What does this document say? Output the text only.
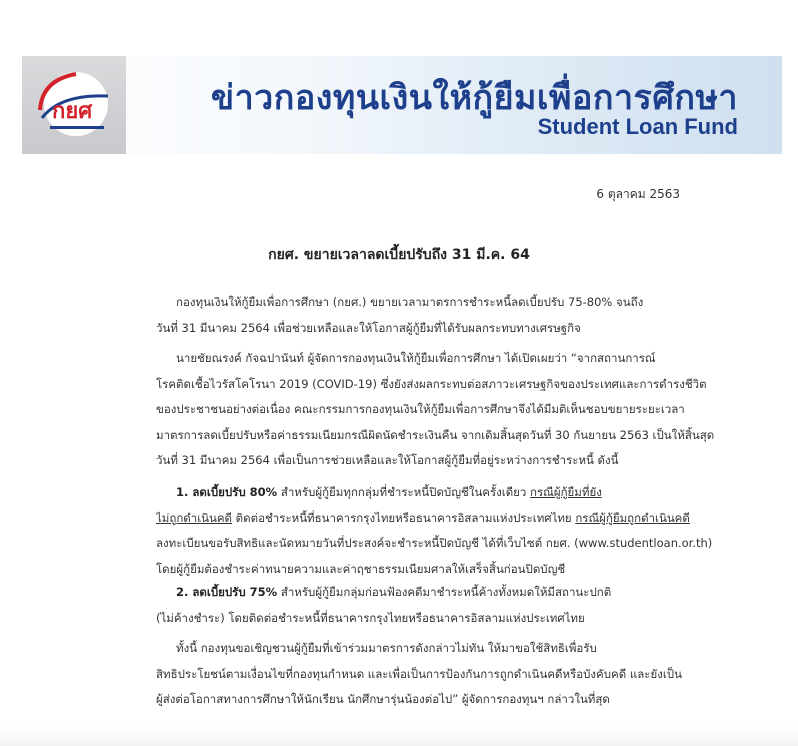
กยศ	ข่าวกองทุนเงินให้กู้ยืมเพื่อการศึกษา
Student Loan Fund
6 ตุลาคม 2563
กยศ. ขยายเวลาลดเบี้ยปรับถึง 31 มี.ค. 64
กองทุนเงินให้กู้ยืมเพื่อการศึกษา (กยศ.) ขยายเวลามาตรการชำระหนี้ลดเบี้ยปรับ 75-80% จนถึง
วันที่ 31 มีนาคม 2564 เพื่อช่วยเหลือและให้โอกาสผู้กู้ยืมที่ได้รับผลกระทบทางเศรษฐกิจ
นายชัยณรงค์ กัจฉปานันท์ ผู้จัดการกองทุนเงินให้กู้ยืมเพื่อการศึกษา ได้เปิดเผยว่า “จากสถานการณ์
โรคติดเชื้อไวรัสโคโรนา 2019 (COVID-19) ซึ่งยังส่งผลกระทบต่อสภาวะเศรษฐกิจของประเทศและการดำรงชีวิต
ของประชาชนอย่างต่อเนื่อง คณะกรรมการกองทุนเงินให้กู้ยืมเพื่อการศึกษาจึงได้มีมติเห็นชอบขยายระยะเวลา
มาตรการลดเบี้ยปรับหรือค่าธรรมเนียมกรณีผิดนัดชำระเงินคืน จากเดิมสิ้นสุดวันที่ 30 กันยายน 2563 เป็นให้สิ้นสุด
วันที่ 31 มีนาคม 2564 เพื่อเป็นการช่วยเหลือและให้โอกาสผู้กู้ยืมที่อยู่ระหว่างการชำระหนี้ ดังนี้
1. ลดเบี้ยปรับ 80% สำหรับผู้กู้ยืมทุกกลุ่มที่ชำระหนี้ปิดบัญชีในครั้งเดียว กรณีผู้กู้ยืมที่ยัง
ไม่ถูกดำเนินคดี ติดต่อชำระหนี้ที่ธนาคารกรุงไทยหรือธนาคารอิสลามแห่งประเทศไทย กรณีผู้กู้ยืมถูกดำเนินคดี
ลงทะเบียนขอรับสิทธิและนัดหมายวันที่ประสงค์จะชำระหนี้ปิดบัญชี ได้ที่เว็บไซต์ กยศ. (www.studentloan.or.th)
โดยผู้กู้ยืมต้องชำระค่าทนายความและค่าฤชาธรรมเนียมศาลให้เสร็จสิ้นก่อนปิดบัญชี
2. ลดเบี้ยปรับ 75% สำหรับผู้กู้ยืมกลุ่มก่อนฟ้องคดีมาชำระหนี้ค้างทั้งหมดให้มีสถานะปกติ
(ไม่ค้างชำระ) โดยติดต่อชำระหนี้ที่ธนาคารกรุงไทยหรือธนาคารอิสลามแห่งประเทศไทย
ทั้งนี้ กองทุนขอเชิญชวนผู้กู้ยืมที่เข้าร่วมมาตรการดังกล่าวไม่ทัน ให้มาขอใช้สิทธิเพื่อรับ
สิทธิประโยชน์ตามเงื่อนไขที่กองทุนกำหนด และเพื่อเป็นการป้องกันการถูกดำเนินคดีหรือบังคับคดี และยังเป็น
ผู้ส่งต่อโอกาสทางการศึกษาให้นักเรียน นักศึกษารุ่นน้องต่อไป” ผู้จัดการกองทุนฯ กล่าวในที่สุด
